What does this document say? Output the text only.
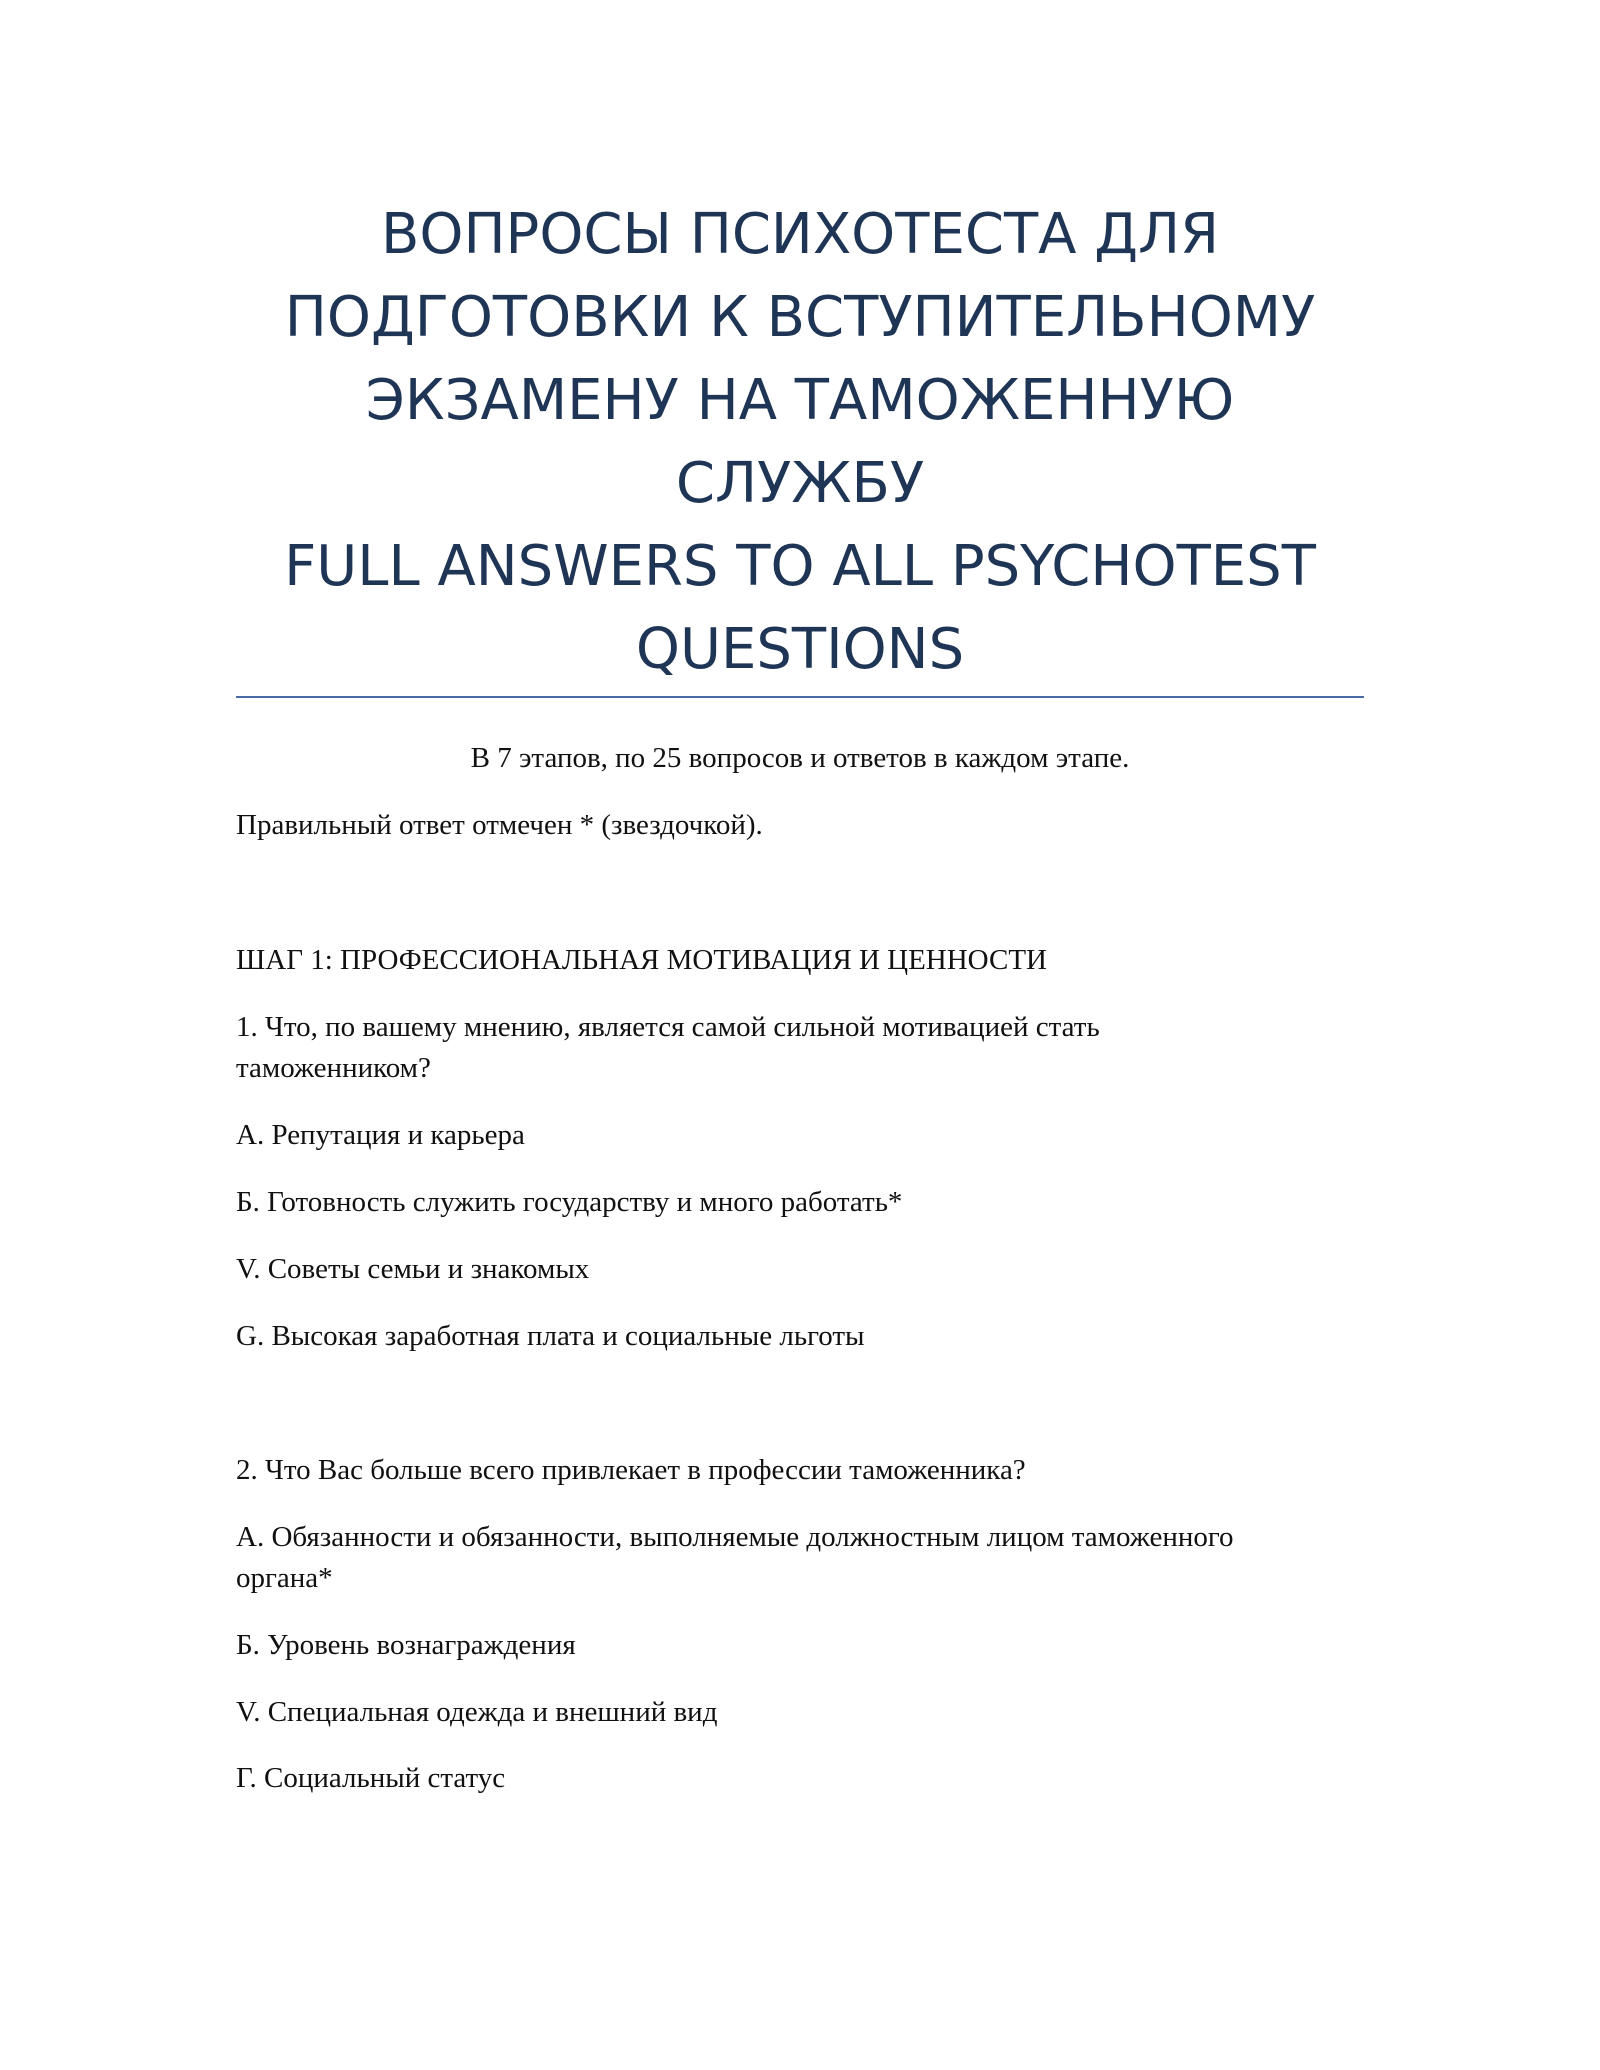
ВОПРОСЫ ПСИХОТЕСТА ДЛЯ
ПОДГОТОВКИ К ВСТУПИТЕЛЬНОМУ
ЭКЗАМЕНУ НА ТАМОЖЕННУЮ
СЛУЖБУ
FULL ANSWERS TO ALL PSYCHOTEST
QUESTIONS
В 7 этапов, по 25 вопросов и ответов в каждом этапе.
Правильный ответ отмечен * (звездочкой).
ШАГ 1: ПРОФЕССИОНАЛЬНАЯ МОТИВАЦИЯ И ЦЕННОСТИ
1. Что, по вашему мнению, является самой сильной мотивацией стать
таможенником?
А. Репутация и карьера
Б. Готовность служить государству и много работать*
V. Советы семьи и знакомых
G. Высокая заработная плата и социальные льготы
2. Что Вас больше всего привлекает в профессии таможенника?
А. Обязанности и обязанности, выполняемые должностным лицом таможенного
органа*
Б. Уровень вознаграждения
V. Специальная одежда и внешний вид
Г. Социальный статус
